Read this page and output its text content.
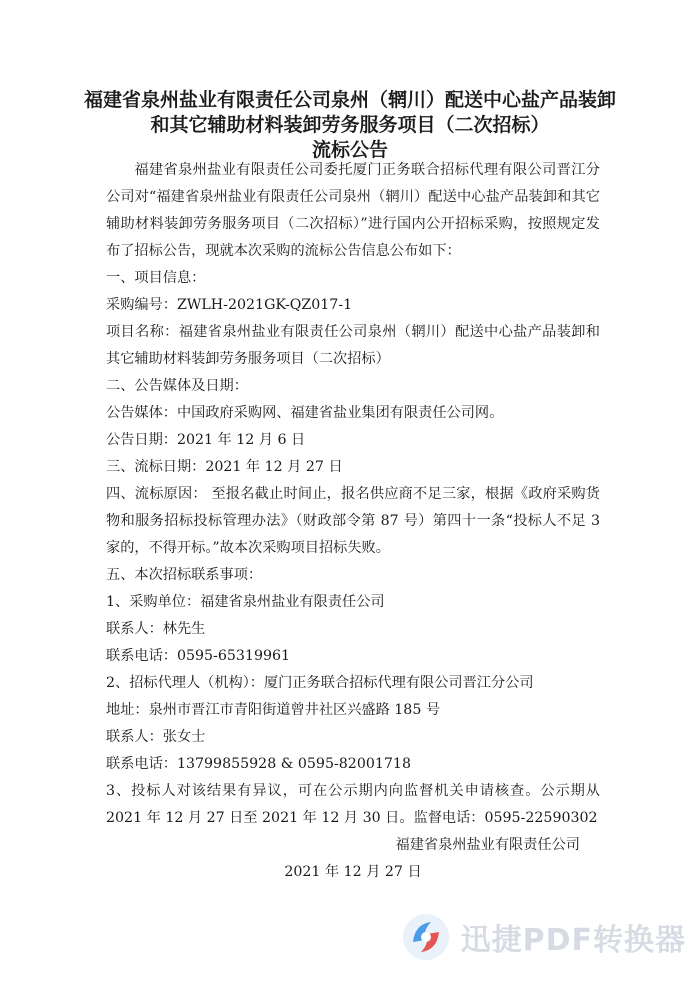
福建省泉州盐业有限责任公司泉州（辋川）配送中心盐产品装卸
和其它辅助材料装卸劳务服务项目（二次招标）
流标公告

福建省泉州盐业有限责任公司委托厦门正务联合招标代理有限公司晋江分公司对“福建省泉州盐业有限责任公司泉州（辋川）配送中心盐产品装卸和其它辅助材料装卸劳务服务项目（二次招标）”进行国内公开招标采购，按照规定发布了招标公告，现就本次采购的流标公告信息公布如下：

一、项目信息：

采购编号：ZWLH-2021GK-QZ017-1

项目名称：福建省泉州盐业有限责任公司泉州（辋川）配送中心盐产品装卸和其它辅助材料装卸劳务服务项目（二次招标）

二、公告媒体及日期：

公告媒体：中国政府采购网、福建省盐业集团有限责任公司网。

公告日期：2021 年 12 月 6 日

三、流标日期：2021 年 12 月 27 日

四、流标原因： 至报名截止时间止，报名供应商不足三家，根据《政府采购货物和服务招标投标管理办法》（财政部令第 87 号）第四十一条“投标人不足 3 家的，不得开标。”故本次采购项目招标失败。

五、本次招标联系事项：

1、采购单位：福建省泉州盐业有限责任公司

联系人：林先生

联系电话：0595-65319961

2、招标代理人（机构）：厦门正务联合招标代理有限公司晋江分公司

地址：泉州市晋江市青阳街道曾井社区兴盛路 185 号

联系人：张女士

联系电话：13799855928 & 0595-82001718

3、投标人对该结果有异议，可在公示期内向监督机关申请核查。公示期从 2021 年 12 月 27 日至 2021 年 12 月 30 日。监督电话：0595-22590302

福建省泉州盐业有限责任公司

2021 年 12 月 27 日

迅捷PDF转换器
